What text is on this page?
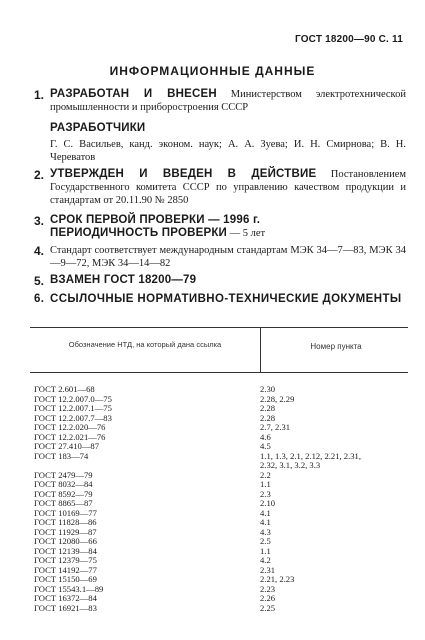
ГОСТ 18200—90 С. 11
ИНФОРМАЦИОННЫЕ ДАННЫЕ
1. РАЗРАБОТАН И ВНЕСЕН Министерством электротехнической промышленности и приборостроения СССР
РАЗРАБОТЧИКИ
Г. С. Васильев, канд. эконом. наук; А. А. Зуева; И. Н. Смирнова; В. Н. Череватов
2. УТВЕРЖДЕН И ВВЕДЕН В ДЕЙСТВИЕ Постановлением Государственного комитета СССР по управлению качеством продукции и стандартам от 20.11.90 № 2850
3. СРОК ПЕРВОЙ ПРОВЕРКИ — 1996 г.
ПЕРИОДИЧНОСТЬ ПРОВЕРКИ — 5 лет
4. Стандарт соответствует международным стандартам МЭК 34—7—83, МЭК 34—9—72, МЭК 34—14—82
5. ВЗАМЕН ГОСТ 18200—79
6. ССЫЛОЧНЫЕ НОРМАТИВНО-ТЕХНИЧЕСКИЕ ДОКУМЕНТЫ
Обозначение НТД, на который дана ссылка	Номер пункта
ГОСТ 2.601—68	2.30
ГОСТ 12.2.007.0—75	2.28, 2.29
ГОСТ 12.2.007.1—75	2.28
ГОСТ 12.2.007.7—83	2.28
ГОСТ 12.2.020—76	2.7, 2.31
ГОСТ 12.2.021—76	4.6
ГОСТ 27.410—87	4.5
ГОСТ 183—74	1.1, 1.3, 2.1, 2.12, 2.21, 2.31,
2.32, 3.1, 3.2, 3.3
ГОСТ 2479—79	2.2
ГОСТ 8032—84	1.1
ГОСТ 8592—79	2.3
ГОСТ 8865—87	2.10
ГОСТ 10169—77	4.1
ГОСТ 11828—86	4.1
ГОСТ 11929—87	4.3
ГОСТ 12080—66	2.5
ГОСТ 12139—84	1.1
ГОСТ 12379—75	4.2
ГОСТ 14192—77	2.31
ГОСТ 15150—69	2.21, 2.23
ГОСТ 15543.1—89	2.23
ГОСТ 16372—84	2.26
ГОСТ 16921—83	2.25
